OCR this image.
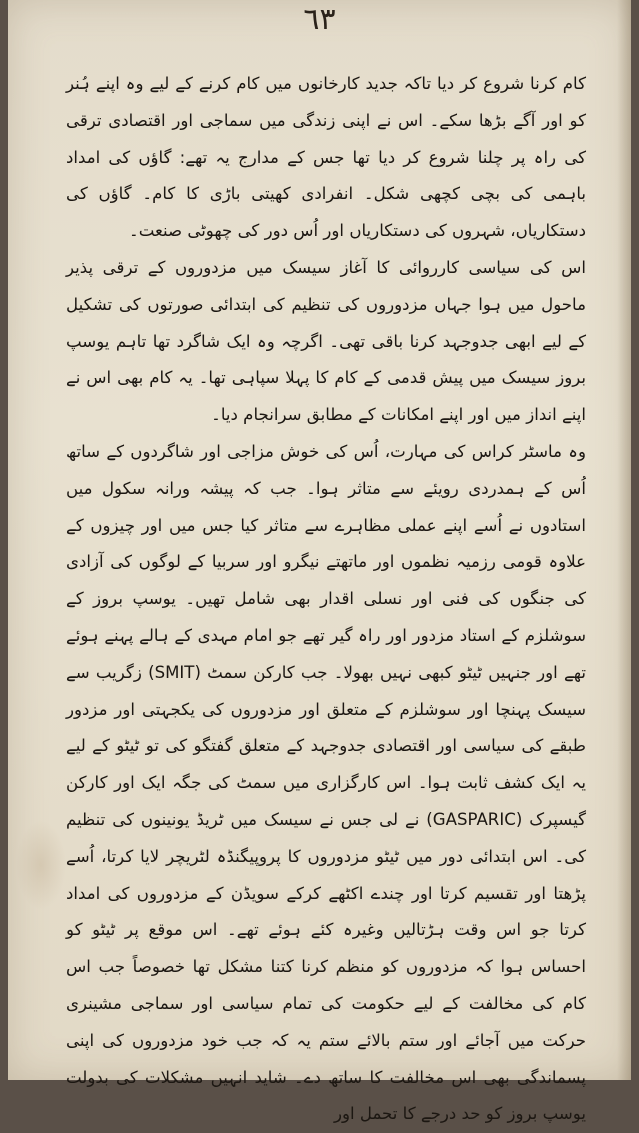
٦٣

کام کرنا شروع کر دیا تاکہ جدید کارخانوں میں کام کرنے کے لیے وہ اپنے ہُنر کو اور آگے بڑھا سکے۔ اس نے اپنی زندگی میں سماجی اور اقتصادی ترقی کی راہ پر چلنا شروع کر دیا تھا جس کے مدارج یہ تھے: گاؤں کی امداد باہمی کی بچی کچھی شکل۔ انفرادی کھیتی باڑی کا کام۔ گاؤں کی دستکاریاں، شہروں کی دستکاریاں اور اُس دور کی چھوٹی صنعت۔

اس کی سیاسی کارروائی کا آغاز سیسک میں مزدوروں کے ترقی پذیر ماحول میں ہوا جہاں مزدوروں کی تنظیم کی ابتدائی صورتوں کی تشکیل کے لیے ابھی جدوجہد کرنا باقی تھی۔ اگرچہ وہ ایک شاگرد تھا تاہم یوسپ بروز سیسک میں پیش قدمی کے کام کا پہلا سپاہی تھا۔ یہ کام بھی اس نے اپنے انداز میں اور اپنے امکانات کے مطابق سرانجام دیا۔

وہ ماسٹر کراس کی مہارت، اُس کی خوش مزاجی اور شاگردوں کے ساتھ اُس کے ہمدردی رویئے سے متاثر ہوا۔ جب کہ پیشہ ورانہ سکول میں استادوں نے اُسے اپنے عملی مظاہرے سے متاثر کیا جس میں اور چیزوں کے علاوہ قومی رزمیہ نظموں اور ماتھتے نیگرو اور سربیا کے لوگوں کی آزادی کی جنگوں کی فنی اور نسلی اقدار بھی شامل تھیں۔ یوسپ بروز کے سوشلزم کے استاد مزدور اور راہ گیر تھے جو امام مہدی کے ہالے پہنے ہوئے تھے اور جنہیں ٹیٹو کبھی نہیں بھولا۔ جب کارکن سمٹ (SMIT) زگریب سے سیسک پہنچا اور سوشلزم کے متعلق اور مزدوروں کی یکجہتی اور مزدور طبقے کی سیاسی اور اقتصادی جدوجہد کے متعلق گفتگو کی تو ٹیٹو کے لیے یہ ایک کشف ثابت ہوا۔ اس کارگزاری میں سمٹ کی جگہ ایک اور کارکن گیسپرک (GASPARIC) نے لی جس نے سیسک میں ٹریڈ یونینوں کی تنظیم کی۔ اس ابتدائی دور میں ٹیٹو مزدوروں کا پروپیگنڈہ لٹریچر لایا کرتا، اُسے پڑھتا اور تقسیم کرتا اور چندے اکٹھے کرکے سویڈن کے مزدوروں کی امداد کرتا جو اس وقت ہڑتالیں وغیرہ کئے ہوئے تھے۔ اس موقع پر ٹیٹو کو احساس ہوا کہ مزدوروں کو منظم کرنا کتنا مشکل تھا خصوصاً جب اس کام کی مخالفت کے لیے حکومت کی تمام سیاسی اور سماجی مشینری حرکت میں آجائے اور ستم بالائے ستم یہ کہ جب خود مزدوروں کی اپنی پسماندگی بھی اس مخالفت کا ساتھ دے۔ شاید انہیں مشکلات کی بدولت یوسپ بروز کو حد درجے کا تحمل اور
